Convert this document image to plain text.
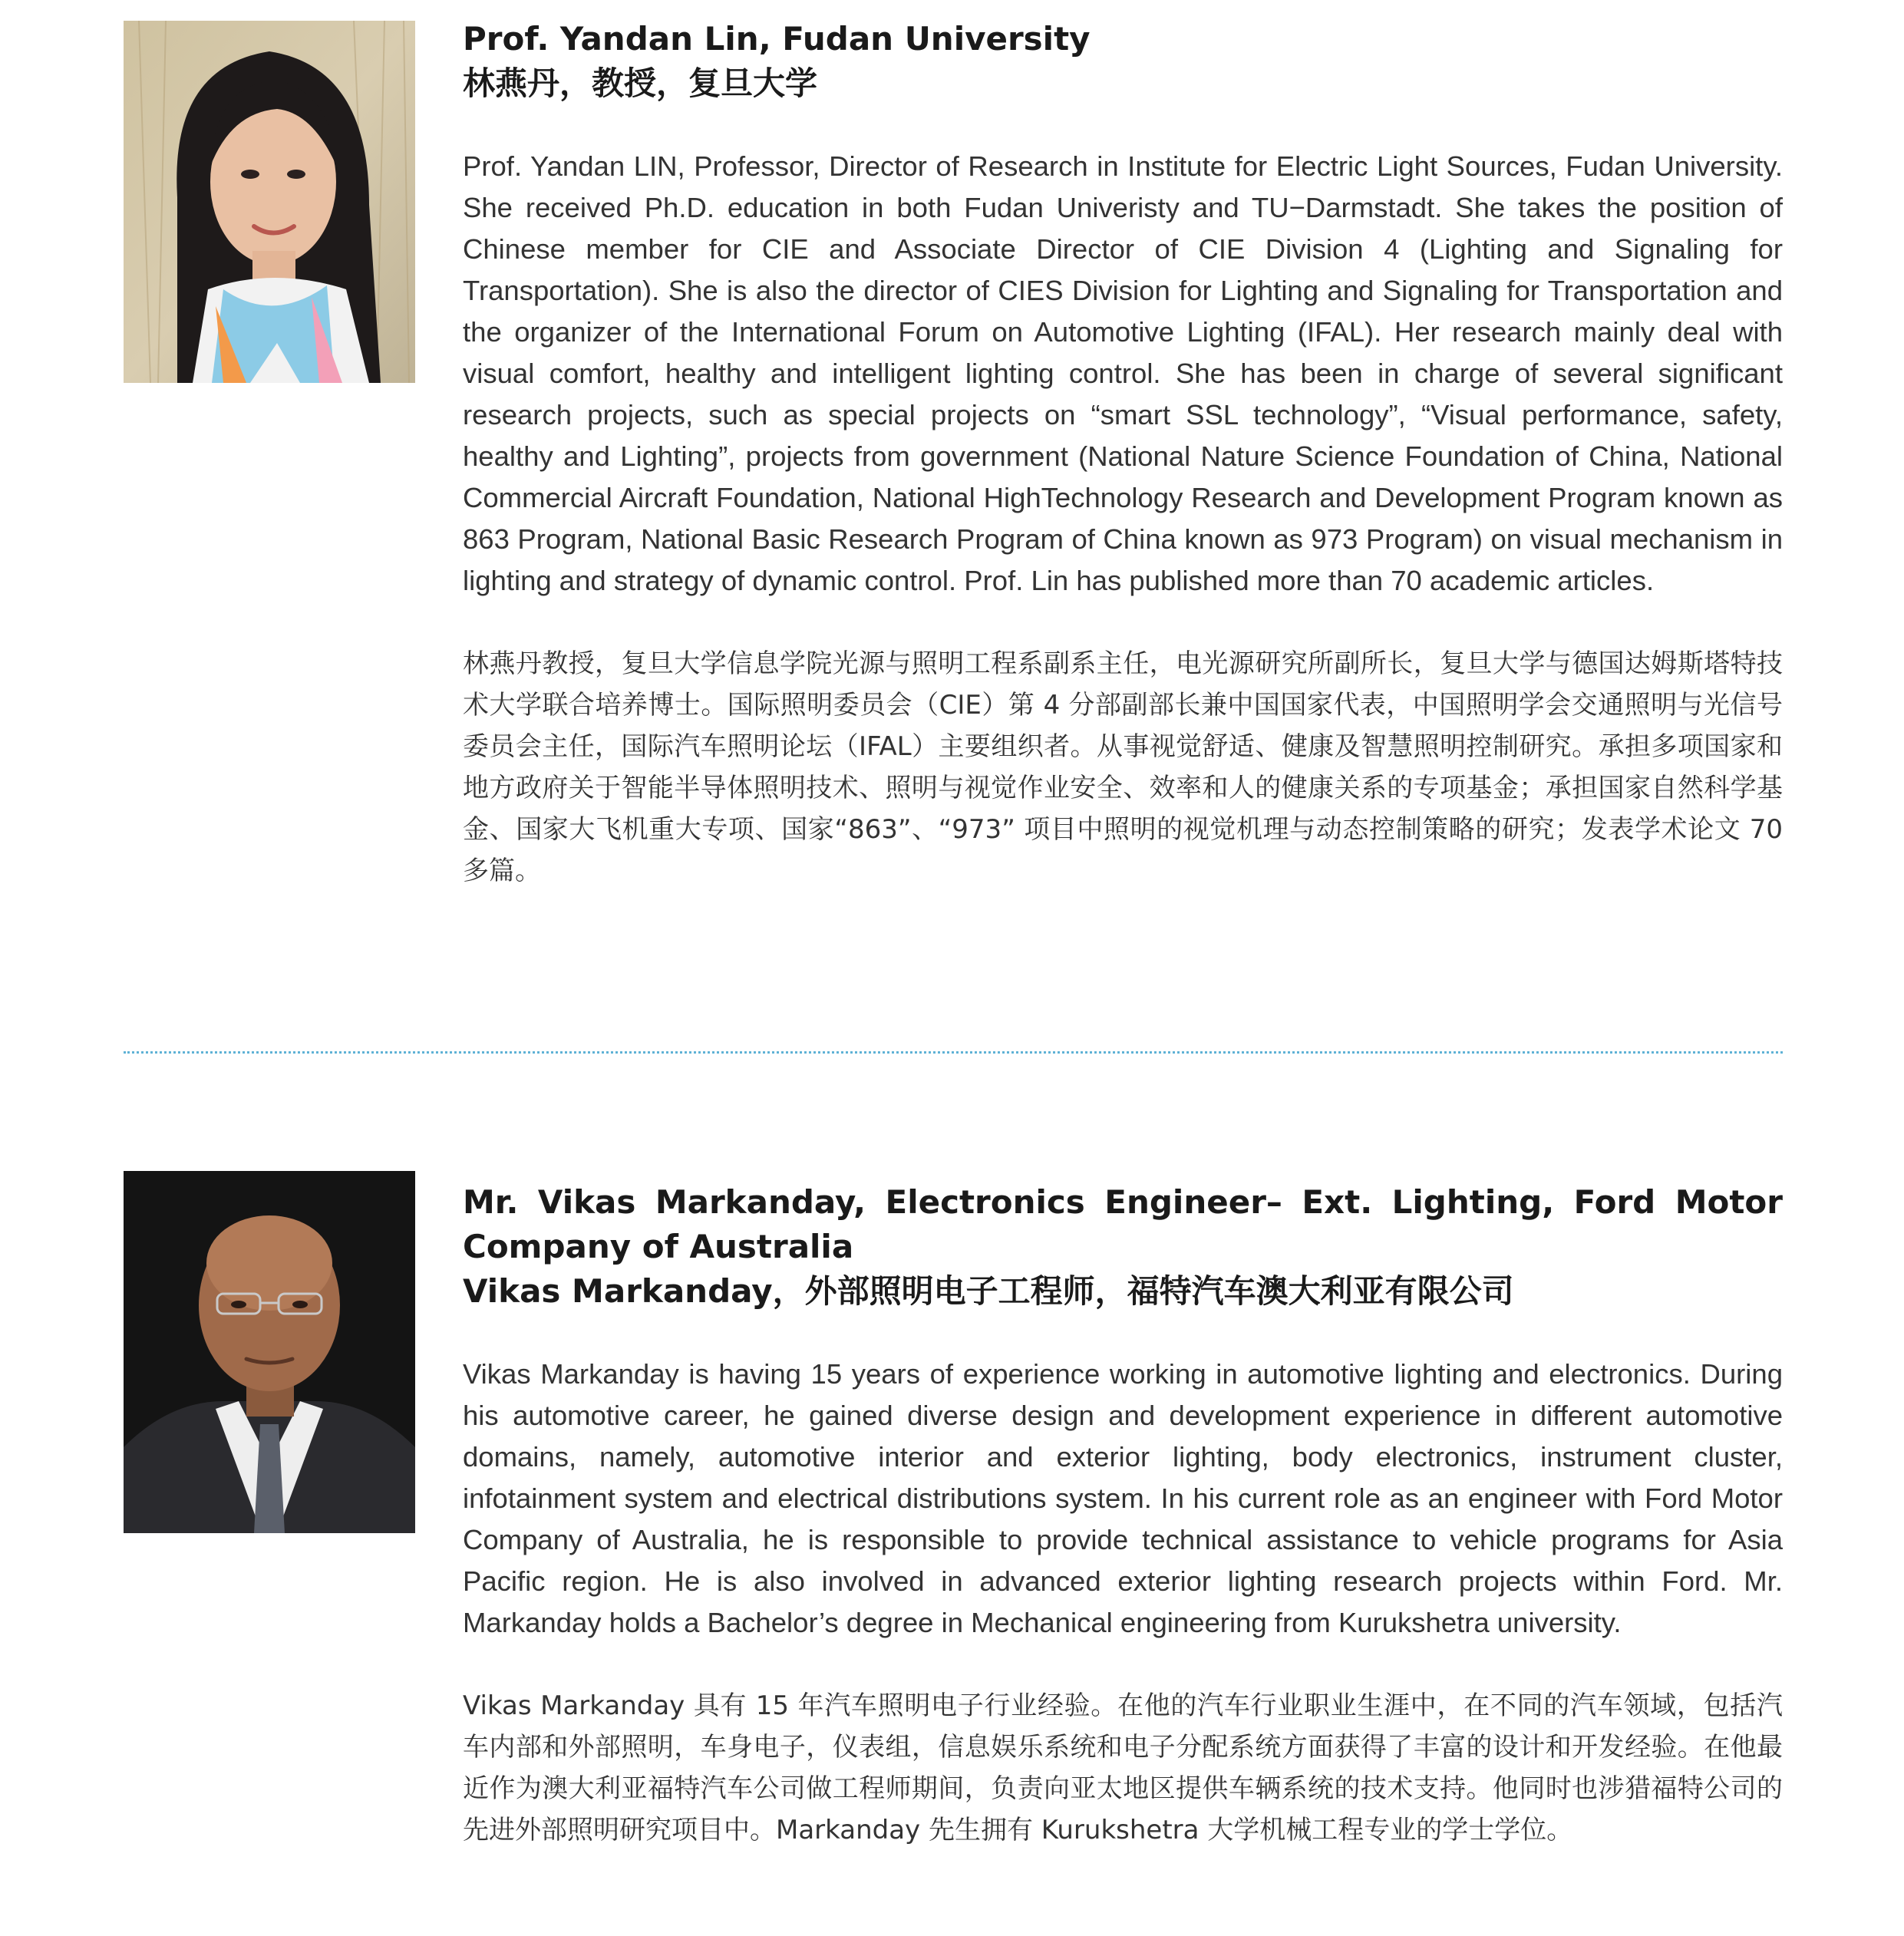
Prof. Yandan Lin, Fudan University
林燕丹，教授，复旦大学

Prof. Yandan LIN, Professor, Director of Research in Institute for Electric Light Sources, Fudan University. She received Ph.D. education in both Fudan Univeristy and TU−Darmstadt. She takes the position of Chinese member for CIE and Associate Director of CIE Division 4 (Lighting and Signaling for Transportation). She is also the director of CIES Division for Lighting and Signaling for Transportation and the organizer of the International Forum on Automotive Lighting (IFAL). Her research mainly deal with visual comfort, healthy and intelligent lighting control. She has been in charge of several significant research projects, such as special projects on “smart SSL technology”, “Visual performance, safety, healthy and Lighting”, projects from government (National Nature Science Foundation of China, National Commercial Aircraft Foundation, National HighTechnology Research and Development Program known as 863 Program, National Basic Research Program of China known as 973 Program) on visual mechanism in lighting and strategy of dynamic control. Prof. Lin has published more than 70 academic articles.

林燕丹教授，复旦大学信息学院光源与照明工程系副系主任，电光源研究所副所长，复旦大学与德国达姆斯塔特技术大学联合培养博士。国际照明委员会（CIE）第 4 分部副部长兼中国国家代表，中国照明学会交通照明与光信号委员会主任，国际汽车照明论坛（IFAL）主要组织者。从事视觉舒适、健康及智慧照明控制研究。承担多项国家和地方政府关于智能半导体照明技术、照明与视觉作业安全、效率和人的健康关系的专项基金；承担国家自然科学基金、国家大飞机重大专项、国家“863”、“973” 项目中照明的视觉机理与动态控制策略的研究；发表学术论文 70 多篇。

Mr. Vikas Markanday, Electronics Engineer– Ext. Lighting, Ford Motor Company of Australia
Vikas Markanday，外部照明电子工程师，福特汽车澳大利亚有限公司

Vikas Markanday is having 15 years of experience working in automotive lighting and electronics. During his automotive career, he gained diverse design and development experience in different automotive domains, namely, automotive interior and exterior lighting, body electronics, instrument cluster, infotainment system and electrical distributions system. In his current role as an engineer with Ford Motor Company of Australia, he is responsible to provide technical assistance to vehicle programs for Asia Pacific region. He is also involved in advanced exterior lighting research projects within Ford. Mr. Markanday holds a Bachelor’s degree in Mechanical engineering from Kurukshetra university.

Vikas Markanday 具有 15 年汽车照明电子行业经验。在他的汽车行业职业生涯中，在不同的汽车领域，包括汽车内部和外部照明，车身电子，仪表组，信息娱乐系统和电子分配系统方面获得了丰富的设计和开发经验。在他最近作为澳大利亚福特汽车公司做工程师期间，负责向亚太地区提供车辆系统的技术支持。他同时也涉猎福特公司的先进外部照明研究项目中。Markanday 先生拥有 Kurukshetra 大学机械工程专业的学士学位。
